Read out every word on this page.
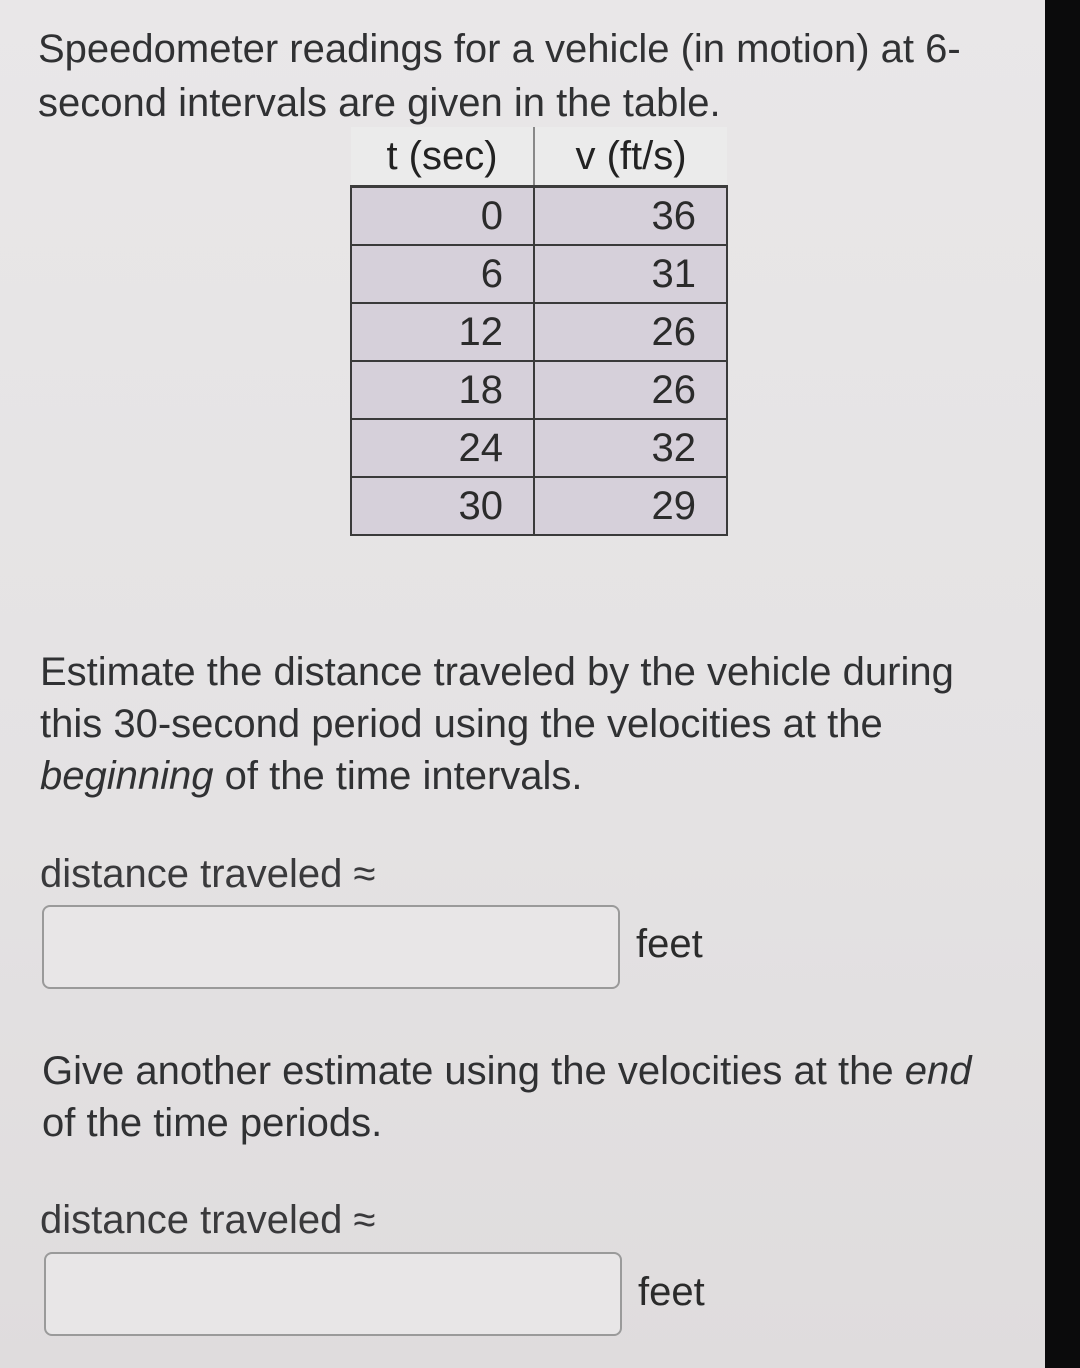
Speedometer readings for a vehicle (in motion) at 6-second intervals are given in the table.
t (sec)	v (ft/s)
0	36
6	31
12	26
18	26
24	32
30	29
Estimate the distance traveled by the vehicle during this 30-second period using the velocities at the beginning of the time intervals.
distance traveled ≈
feet
Give another estimate using the velocities at the end of the time periods.
distance traveled ≈
feet
